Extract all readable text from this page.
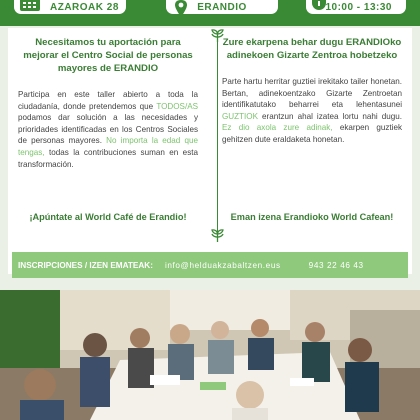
AZAROAK 28	ERANDIO	10:00 - 13:30
Necesitamos tu aportación para mejorar el Centro Social de personas mayores de ERANDIO
Participa en este taller abierto a toda la ciudadanía, donde pretendemos que TODOS/AS podamos dar solución a las necesidades y prioridades identificadas en los Centros Sociales de personas mayores. No importa la edad que tengas, todas la contribuciones suman en esta transformación.
¡Apúntate al World Café de Erandio!
Zure ekarpena behar dugu ERANDIOko adinekoen Gizarte Zentroa hobetzeko
Parte hartu herritar guztiei irekitako tailer honetan. Bertan, adinekoentzako Gizarte Zentroetan identifikatutako beharrei eta lehentasunei GUZTIOK erantzun ahal izatea lortu nahi dugu. Ez dio axola zure adinak, ekarpen guztiek gehitzen dute eraldaketa honetan.
Eman izena Erandioko World Cafean!
INSCRIPCIONES / IZEN EMATEAK: info@helduakzabaltzen.eus	943 22 46 43
